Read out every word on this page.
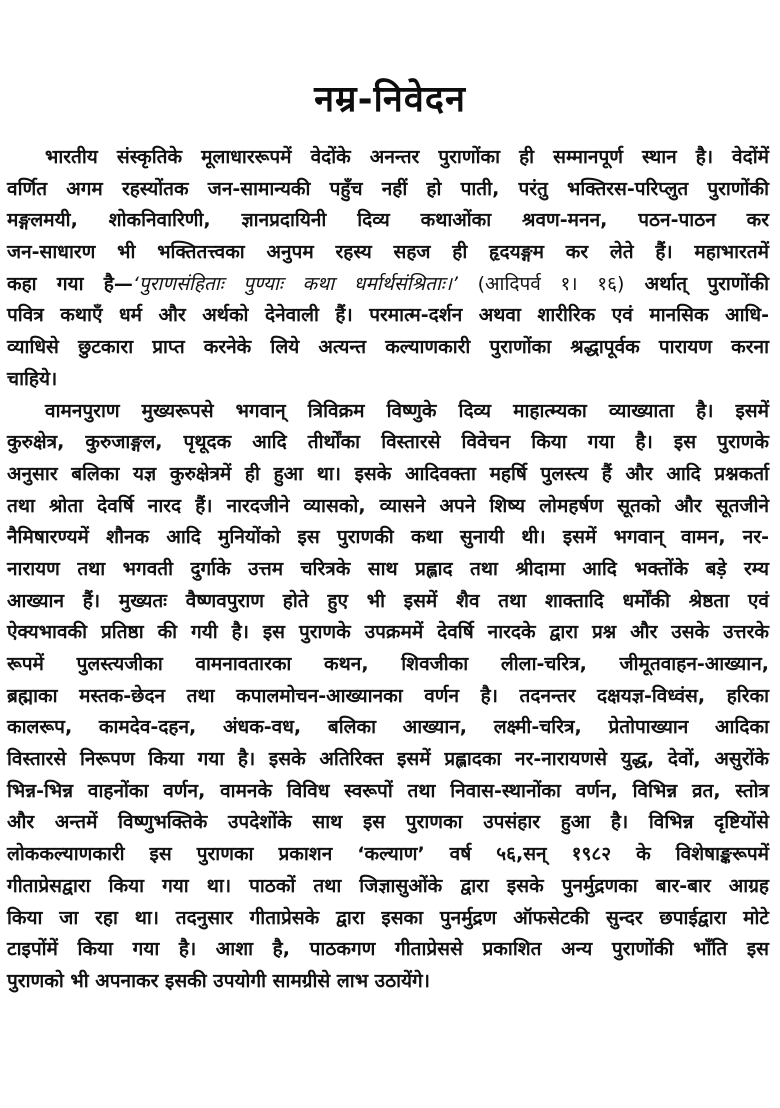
नम्र-निवेदन
भारतीय संस्कृतिके मूलाधाररूपमें वेदोंके अनन्तर पुराणोंका ही सम्मानपूर्ण स्थान है। वेदोंमें
वर्णित अगम रहस्योंतक जन-सामान्यकी पहुँच नहीं हो पाती, परंतु भक्तिरस-परिप्लुत पुराणोंकी
मङ्गलमयी, शोकनिवारिणी, ज्ञानप्रदायिनी दिव्य कथाओंका श्रवण-मनन, पठन-पाठन कर
जन-साधारण भी भक्तितत्त्वका अनुपम रहस्य सहज ही हृदयङ्गम कर लेते हैं। महाभारतमें
कहा गया है—‘पुराणसंहिताः पुण्याः कथा धर्मार्थसंश्रिताः।’ (आदिपर्व १। १६) अर्थात् पुराणोंकी
पवित्र कथाएँ धर्म और अर्थको देनेवाली हैं। परमात्म-दर्शन अथवा शारीरिक एवं मानसिक आधि-
व्याधिसे छुटकारा प्राप्त करनेके लिये अत्यन्त कल्याणकारी पुराणोंका श्रद्धापूर्वक पारायण करना
चाहिये।
वामनपुराण मुख्यरूपसे भगवान् त्रिविक्रम विष्णुके दिव्य माहात्म्यका व्याख्याता है। इसमें
कुरुक्षेत्र, कुरुजाङ्गल, पृथूदक आदि तीर्थोंका विस्तारसे विवेचन किया गया है। इस पुराणके
अनुसार बलिका यज्ञ कुरुक्षेत्रमें ही हुआ था। इसके आदिवक्ता महर्षि पुलस्त्य हैं और आदि प्रश्नकर्ता
तथा श्रोता देवर्षि नारद हैं। नारदजीने व्यासको, व्यासने अपने शिष्य लोमहर्षण सूतको और सूतजीने
नैमिषारण्यमें शौनक आदि मुनियोंको इस पुराणकी कथा सुनायी थी। इसमें भगवान् वामन, नर-
नारायण तथा भगवती दुर्गाके उत्तम चरित्रके साथ प्रह्लाद तथा श्रीदामा आदि भक्तोंके बड़े रम्य
आख्यान हैं। मुख्यतः वैष्णवपुराण होते हुए भी इसमें शैव तथा शाक्तादि धर्मोंकी श्रेष्ठता एवं
ऐक्यभावकी प्रतिष्ठा की गयी है। इस पुराणके उपक्रममें देवर्षि नारदके द्वारा प्रश्न और उसके उत्तरके
रूपमें पुलस्त्यजीका वामनावतारका कथन, शिवजीका लीला-चरित्र, जीमूतवाहन-आख्यान,
ब्रह्माका मस्तक-छेदन तथा कपालमोचन-आख्यानका वर्णन है। तदनन्तर दक्षयज्ञ-विध्वंस, हरिका
कालरूप, कामदेव-दहन, अंधक-वध, बलिका आख्यान, लक्ष्मी-चरित्र, प्रेतोपाख्यान आदिका
विस्तारसे निरूपण किया गया है। इसके अतिरिक्त इसमें प्रह्लादका नर-नारायणसे युद्ध, देवों, असुरोंके
भिन्न-भिन्न वाहनोंका वर्णन, वामनके विविध स्वरूपों तथा निवास-स्थानोंका वर्णन, विभिन्न व्रत, स्तोत्र
और अन्तमें विष्णुभक्तिके उपदेशोंके साथ इस पुराणका उपसंहार हुआ है। विभिन्न दृष्टियोंसे
लोककल्याणकारी इस पुराणका प्रकाशन ‘कल्याण’ वर्ष ५६,सन् १९८२ के विशेषाङ्करूपमें
गीताप्रेसद्वारा किया गया था। पाठकों तथा जिज्ञासुओंके द्वारा इसके पुनर्मुद्रणका बार-बार आग्रह
किया जा रहा था। तदनुसार गीताप्रेसके द्वारा इसका पुनर्मुद्रण ऑफसेटकी सुन्दर छपाईद्वारा मोटे
टाइपोंमें किया गया है। आशा है, पाठकगण गीताप्रेससे प्रकाशित अन्य पुराणोंकी भाँति इस
पुराणको भी अपनाकर इसकी उपयोगी सामग्रीसे लाभ उठायेंगे।
